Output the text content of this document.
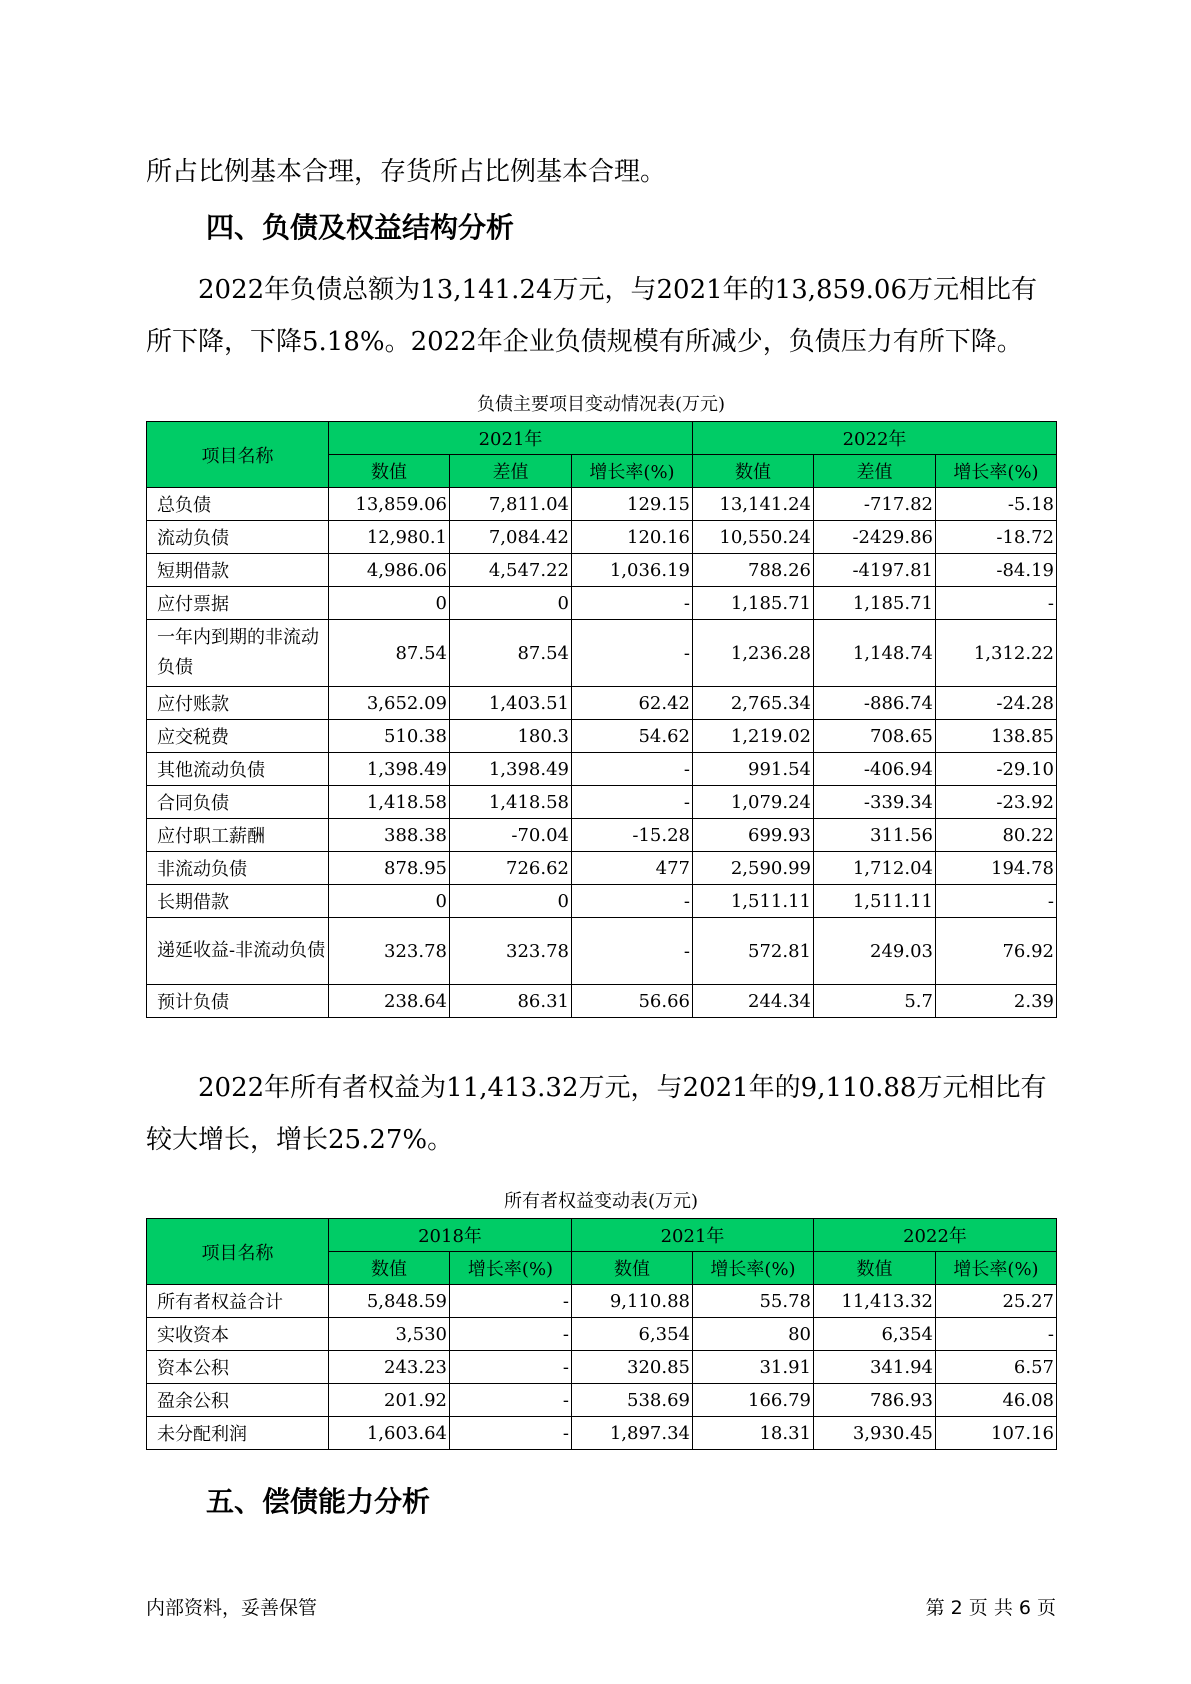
所占比例基本合理，存货所占比例基本合理。

四、负债及权益结构分析

2022年负债总额为13,141.24万元，与2021年的13,859.06万元相比有所下降，下降5.18%。2022年企业负债规模有所减少，负债压力有所下降。

负债主要项目变动情况表(万元)

项目名称	2021年			2022年		
	数值	差值	增长率(%)	数值	差值	增长率(%)
总负债	13,859.06	7,811.04	129.15	13,141.24	-717.82	-5.18
流动负债	12,980.1	7,084.42	120.16	10,550.24	-2429.86	-18.72
短期借款	4,986.06	4,547.22	1,036.19	788.26	-4197.81	-84.19
应付票据	0	0	-	1,185.71	1,185.71	-
一年内到期的非流动负债	87.54	87.54	-	1,236.28	1,148.74	1,312.22
应付账款	3,652.09	1,403.51	62.42	2,765.34	-886.74	-24.28
应交税费	510.38	180.3	54.62	1,219.02	708.65	138.85
其他流动负债	1,398.49	1,398.49	-	991.54	-406.94	-29.10
合同负债	1,418.58	1,418.58	-	1,079.24	-339.34	-23.92
应付职工薪酬	388.38	-70.04	-15.28	699.93	311.56	80.22
非流动负债	878.95	726.62	477	2,590.99	1,712.04	194.78
长期借款	0	0	-	1,511.11	1,511.11	-
递延收益-非流动负债	323.78	323.78	-	572.81	249.03	76.92
预计负债	238.64	86.31	56.66	244.34	5.7	2.39

2022年所有者权益为11,413.32万元，与2021年的9,110.88万元相比有较大增长，增长25.27%。

所有者权益变动表(万元)

项目名称	2018年		2021年		2022年	
	数值	增长率(%)	数值	增长率(%)	数值	增长率(%)
所有者权益合计	5,848.59	-	9,110.88	55.78	11,413.32	25.27
实收资本	3,530	-	6,354	80	6,354	-
资本公积	243.23	-	320.85	31.91	341.94	6.57
盈余公积	201.92	-	538.69	166.79	786.93	46.08
未分配利润	1,603.64	-	1,897.34	18.31	3,930.45	107.16
五、偿债能力分析
内部资料，妥善保管	第 2 页 共 6 页
